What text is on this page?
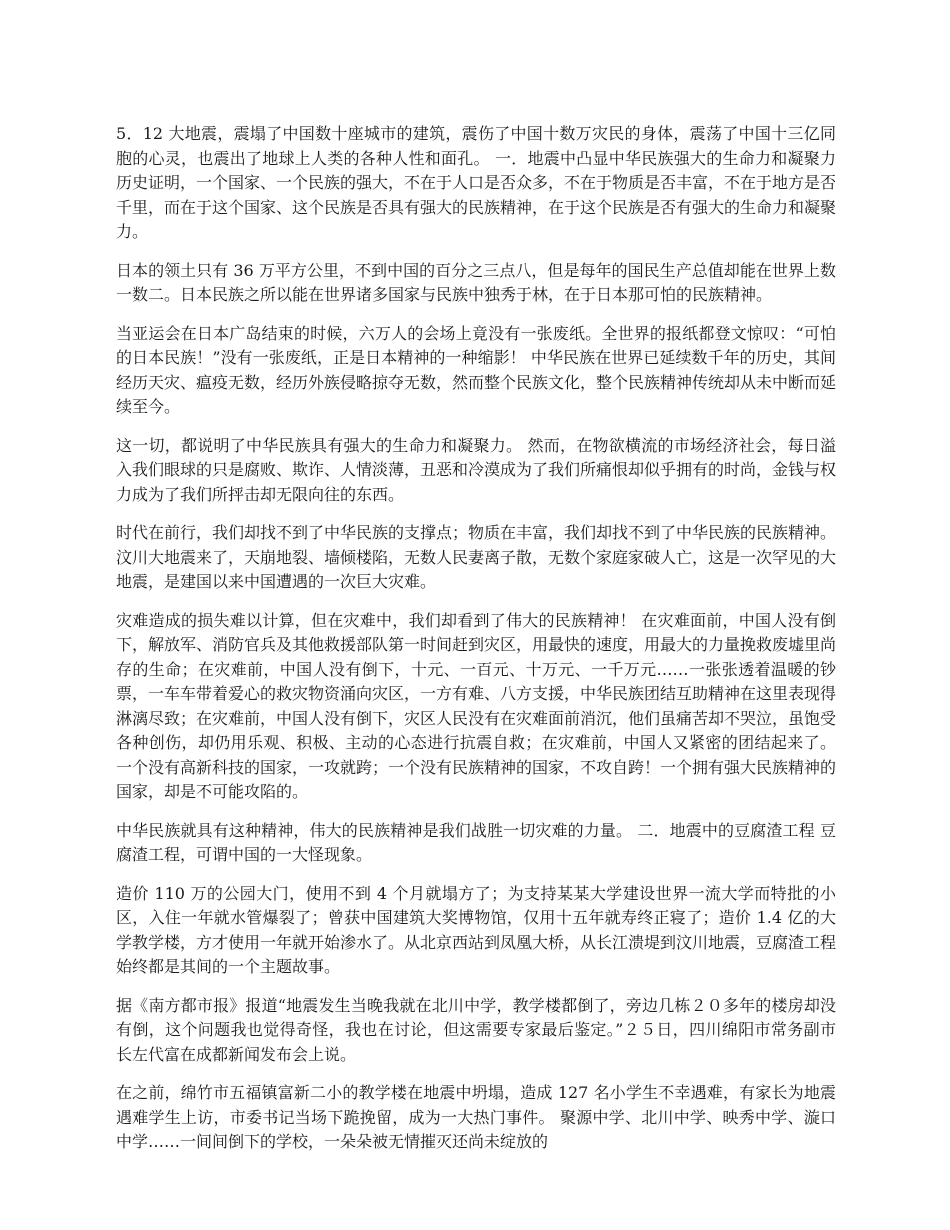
5．12 大地震，震塌了中国数十座城市的建筑，震伤了中国十数万灾民的身体，震荡了中国十三亿同胞的心灵，也震出了地球上人类的各种人性和面孔。 一．地震中凸显中华民族强大的生命力和凝聚力 历史证明，一个国家、一个民族的强大，不在于人口是否众多，不在于物质是否丰富，不在于地方是否千里，而在于这个国家、这个民族是否具有强大的民族精神，在于这个民族是否有强大的生命力和凝聚力。

日本的领土只有 36 万平方公里，不到中国的百分之三点八，但是每年的国民生产总值却能在世界上数一数二。日本民族之所以能在世界诸多国家与民族中独秀于林，在于日本那可怕的民族精神。

当亚运会在日本广岛结束的时候，六万人的会场上竟没有一张废纸。全世界的报纸都登文惊叹：“可怕的日本民族！”没有一张废纸，正是日本精神的一种缩影！ 中华民族在世界已延续数千年的历史，其间经历天灾、瘟疫无数，经历外族侵略掠夺无数，然而整个民族文化，整个民族精神传统却从未中断而延续至今。

这一切，都说明了中华民族具有强大的生命力和凝聚力。 然而，在物欲横流的市场经济社会，每日溢入我们眼球的只是腐败、欺诈、人情淡薄，丑恶和冷漠成为了我们所痛恨却似乎拥有的时尚，金钱与权力成为了我们所抨击却无限向往的东西。

时代在前行，我们却找不到了中华民族的支撑点；物质在丰富，我们却找不到了中华民族的民族精神。 汶川大地震来了，天崩地裂、墙倾楼陷，无数人民妻离子散，无数个家庭家破人亡，这是一次罕见的大地震，是建国以来中国遭遇的一次巨大灾难。

灾难造成的损失难以计算，但在灾难中，我们却看到了伟大的民族精神！ 在灾难面前，中国人没有倒下，解放军、消防官兵及其他救援部队第一时间赶到灾区，用最快的速度，用最大的力量挽救废墟里尚存的生命；在灾难前，中国人没有倒下，十元、一百元、十万元、一千万元……一张张透着温暖的钞票，一车车带着爱心的救灾物资涌向灾区，一方有难、八方支援，中华民族团结互助精神在这里表现得淋漓尽致；在灾难前，中国人没有倒下，灾区人民没有在灾难面前消沉，他们虽痛苦却不哭泣，虽饱受各种创伤，却仍用乐观、积极、主动的心态进行抗震自救；在灾难前，中国人又紧密的团结起来了。 一个没有高新科技的国家，一攻就跨；一个没有民族精神的国家，不攻自跨！一个拥有强大民族精神的国家，却是不可能攻陷的。

中华民族就具有这种精神，伟大的民族精神是我们战胜一切灾难的力量。 二．地震中的豆腐渣工程 豆腐渣工程，可谓中国的一大怪现象。

造价 110 万的公园大门，使用不到 4 个月就塌方了；为支持某某大学建设世界一流大学而特批的小区，入住一年就水管爆裂了；曾获中国建筑大奖博物馆，仅用十五年就寿终正寝了；造价 1.4 亿的大学教学楼，方才使用一年就开始渗水了。从北京西站到凤凰大桥，从长江溃堤到汶川地震，豆腐渣工程始终都是其间的一个主题故事。

据《南方都市报》报道“地震发生当晚我就在北川中学，教学楼都倒了，旁边几栋２０多年的楼房却没有倒，这个问题我也觉得奇怪，我也在讨论，但这需要专家最后鉴定。”２５日，四川绵阳市常务副市长左代富在成都新闻发布会上说。

在之前，绵竹市五福镇富新二小的教学楼在地震中坍塌，造成 127 名小学生不幸遇难，有家长为地震遇难学生上访，市委书记当场下跪挽留，成为一大热门事件。 聚源中学、北川中学、映秀中学、漩口中学……一间间倒下的学校，一朵朵被无情摧灭还尚未绽放的
